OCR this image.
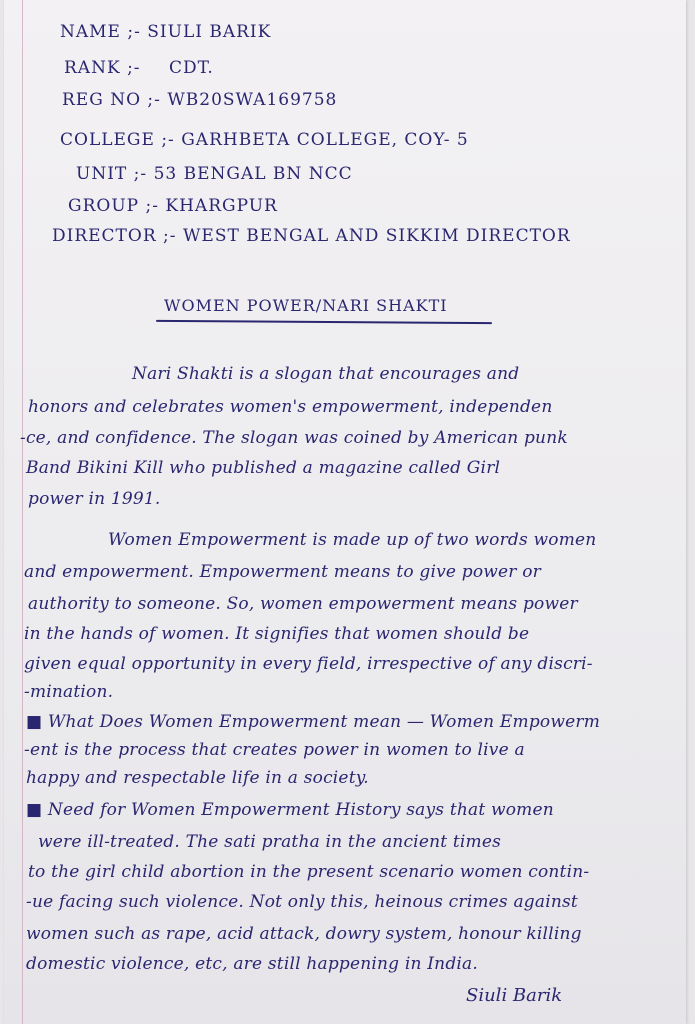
NAME ;- SIULI BARIK
RANK ;- CDT.
REG NO ;- WB20SWA169758
COLLEGE ;- GARHBETA COLLEGE, COY- 5
UNIT ;- 53 BENGAL BN NCC
GROUP ;- KHARGPUR
DIRECTOR ;- WEST BENGAL AND SIKKIM DIRECTOR
WOMEN POWER/NARI SHAKTI
Nari Shakti is a slogan that encourages and
honors and celebrates women's empowerment, independen
-ce, and confidence. The slogan was coined by American punk
Band Bikini Kill who published a magazine called Girl
power in 1991.
Women Empowerment is made up of two words women
and empowerment. Empowerment means to give power or
authority to someone. So, women empowerment means power
in the hands of women. It signifies that women should be
given equal opportunity in every field, irrespective of any discri-
-mination.
■ What Does Women Empowerment mean — Women Empowerm
-ent is the process that creates power in women to live a
happy and respectable life in a society.
■ Need for Women Empowerment History says that women
were ill-treated. The sati pratha in the ancient times
to the girl child abortion in the present scenario women contin-
-ue facing such violence. Not only this, heinous crimes against
women such as rape, acid attack, dowry system, honour killing
domestic violence, etc, are still happening in India.
Siuli Barik
